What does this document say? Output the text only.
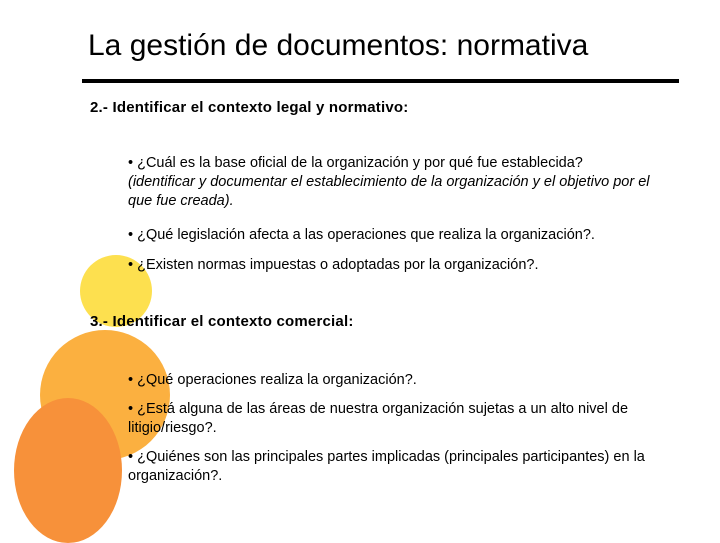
La gestión de documentos: normativa
2.- Identificar el contexto legal y normativo:
• ¿Cuál es la base oficial de la organización y por qué fue establecida?
(identificar y documentar el establecimiento de la organización y el objetivo por el que fue creada).
• ¿Qué legislación afecta a las operaciones que realiza la organización?.
• ¿Existen normas impuestas o adoptadas por la organización?.
3.- Identificar el contexto comercial:
• ¿Qué operaciones realiza la organización?.
• ¿Está alguna de las áreas de nuestra organización sujetas a un alto nivel de litigio/riesgo?.
• ¿Quiénes son las principales partes implicadas (principales participantes) en la organización?.
